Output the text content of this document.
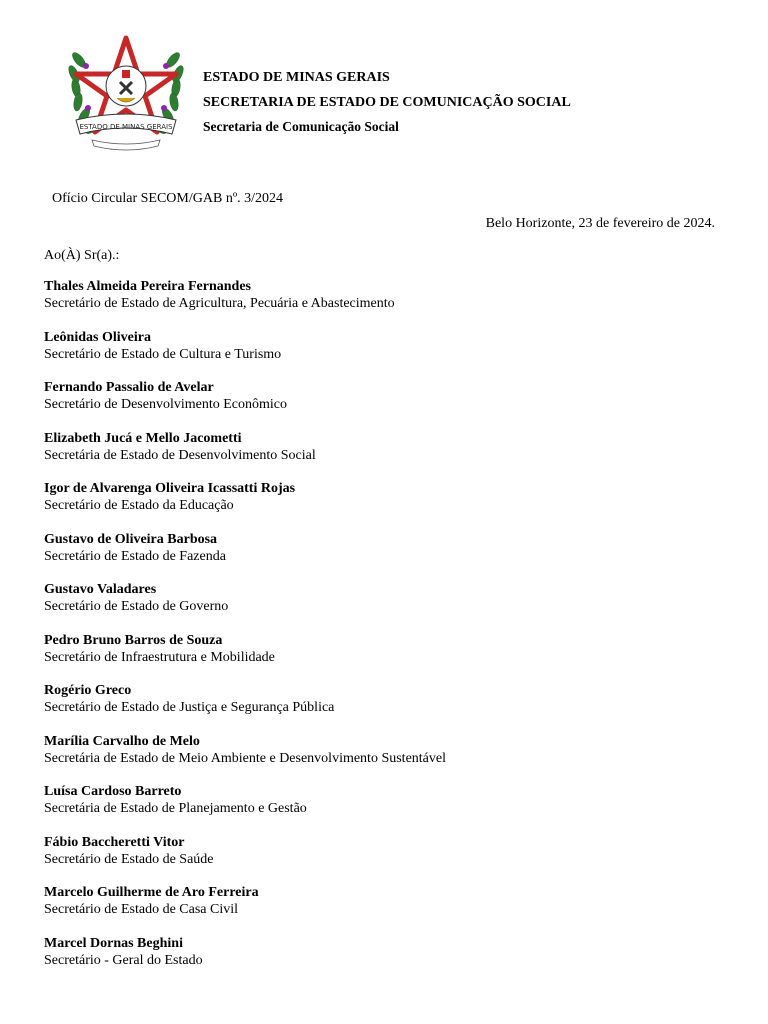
ESTADO DE MINAS GERAIS
ESTADO DE MINAS GERAIS
SECRETARIA DE ESTADO DE COMUNICAÇÃO SOCIAL
Secretaria de Comunicação Social
Ofício Circular SECOM/GAB nº. 3/2024
Belo Horizonte, 23 de fevereiro de 2024.
Ao(À) Sr(a).:
Thales Almeida Pereira Fernandes
Secretário de Estado de Agricultura, Pecuária e Abastecimento
Leônidas Oliveira
Secretário de Estado de Cultura e Turismo
Fernando Passalio de Avelar
Secretário de Desenvolvimento Econômico
Elizabeth Jucá e Mello Jacometti
Secretária de Estado de Desenvolvimento Social
Igor de Alvarenga Oliveira Icassatti Rojas
Secretário de Estado da Educação
Gustavo de Oliveira Barbosa
Secretário de Estado de Fazenda
Gustavo Valadares
Secretário de Estado de Governo
Pedro Bruno Barros de Souza
Secretário de Infraestrutura e Mobilidade
Rogério Greco
Secretário de Estado de Justiça e Segurança Pública
Marília Carvalho de Melo
Secretária de Estado de Meio Ambiente e Desenvolvimento Sustentável
Luísa Cardoso Barreto
Secretária de Estado de Planejamento e Gestão
Fábio Baccheretti Vitor
Secretário de Estado de Saúde
Marcelo Guilherme de Aro Ferreira
Secretário de Estado de Casa Civil
Marcel Dornas Beghini
Secretário - Geral do Estado
